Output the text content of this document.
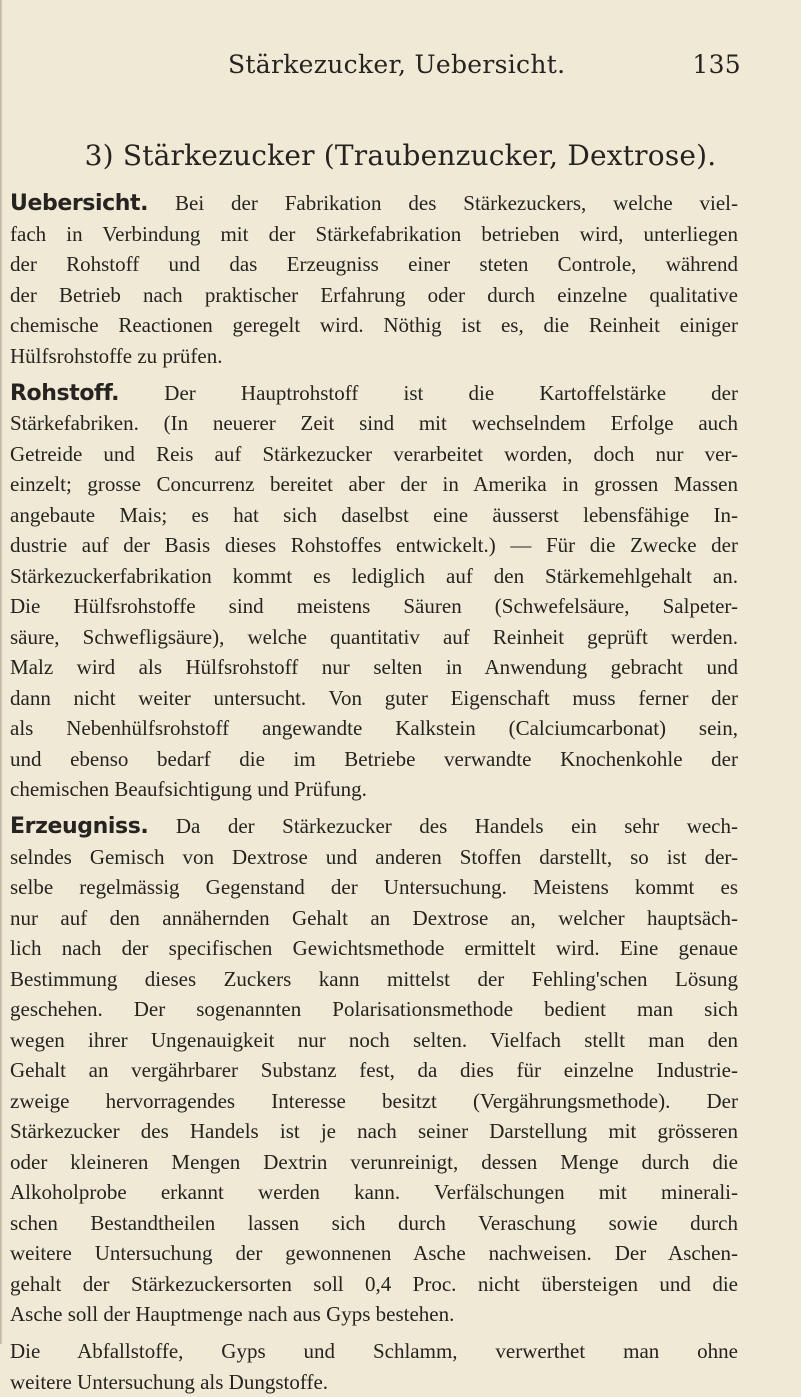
Stärkezucker, Uebersicht.	135
3) Stärkezucker (Traubenzucker, Dextrose).
Uebersicht. Bei der Fabrikation des Stärkezuckers, welche viel-
fach in Verbindung mit der Stärkefabrikation betrieben wird, unterliegen
der Rohstoff und das Erzeugniss einer steten Controle, während
der Betrieb nach praktischer Erfahrung oder durch einzelne qualitative
chemische Reactionen geregelt wird. Nöthig ist es, die Reinheit einiger
Hülfsrohstoffe zu prüfen.
Rohstoff. Der Hauptrohstoff ist die Kartoffelstärke der
Stärkefabriken. (In neuerer Zeit sind mit wechselndem Erfolge auch
Getreide und Reis auf Stärkezucker verarbeitet worden, doch nur ver-
einzelt; grosse Concurrenz bereitet aber der in Amerika in grossen Massen
angebaute Mais; es hat sich daselbst eine äusserst lebensfähige In-
dustrie auf der Basis dieses Rohstoffes entwickelt.) — Für die Zwecke der
Stärkezuckerfabrikation kommt es lediglich auf den Stärkemehlgehalt an.
Die Hülfsrohstoffe sind meistens Säuren (Schwefelsäure, Salpeter-
säure, Schwefligsäure), welche quantitativ auf Reinheit geprüft werden.
Malz wird als Hülfsrohstoff nur selten in Anwendung gebracht und
dann nicht weiter untersucht. Von guter Eigenschaft muss ferner der
als Nebenhülfsrohstoff angewandte Kalkstein (Calciumcarbonat) sein,
und ebenso bedarf die im Betriebe verwandte Knochenkohle der
chemischen Beaufsichtigung und Prüfung.
Erzeugniss. Da der Stärkezucker des Handels ein sehr wech-
selndes Gemisch von Dextrose und anderen Stoffen darstellt, so ist der-
selbe regelmässig Gegenstand der Untersuchung. Meistens kommt es
nur auf den annähernden Gehalt an Dextrose an, welcher hauptsäch-
lich nach der specifischen Gewichtsmethode ermittelt wird. Eine genaue
Bestimmung dieses Zuckers kann mittelst der Fehling'schen Lösung
geschehen. Der sogenannten Polarisationsmethode bedient man sich
wegen ihrer Ungenauigkeit nur noch selten. Vielfach stellt man den
Gehalt an vergährbarer Substanz fest, da dies für einzelne Industrie-
zweige hervorragendes Interesse besitzt (Vergährungsmethode). Der
Stärkezucker des Handels ist je nach seiner Darstellung mit grösseren
oder kleineren Mengen Dextrin verunreinigt, dessen Menge durch die
Alkoholprobe erkannt werden kann. Verfälschungen mit minerali-
schen Bestandtheilen lassen sich durch Veraschung sowie durch
weitere Untersuchung der gewonnenen Asche nachweisen. Der Aschen-
gehalt der Stärkezuckersorten soll 0,4 Proc. nicht übersteigen und die
Asche soll der Hauptmenge nach aus Gyps bestehen.
Die Abfallstoffe, Gyps und Schlamm, verwerthet man ohne
weitere Untersuchung als Dungstoffe.
